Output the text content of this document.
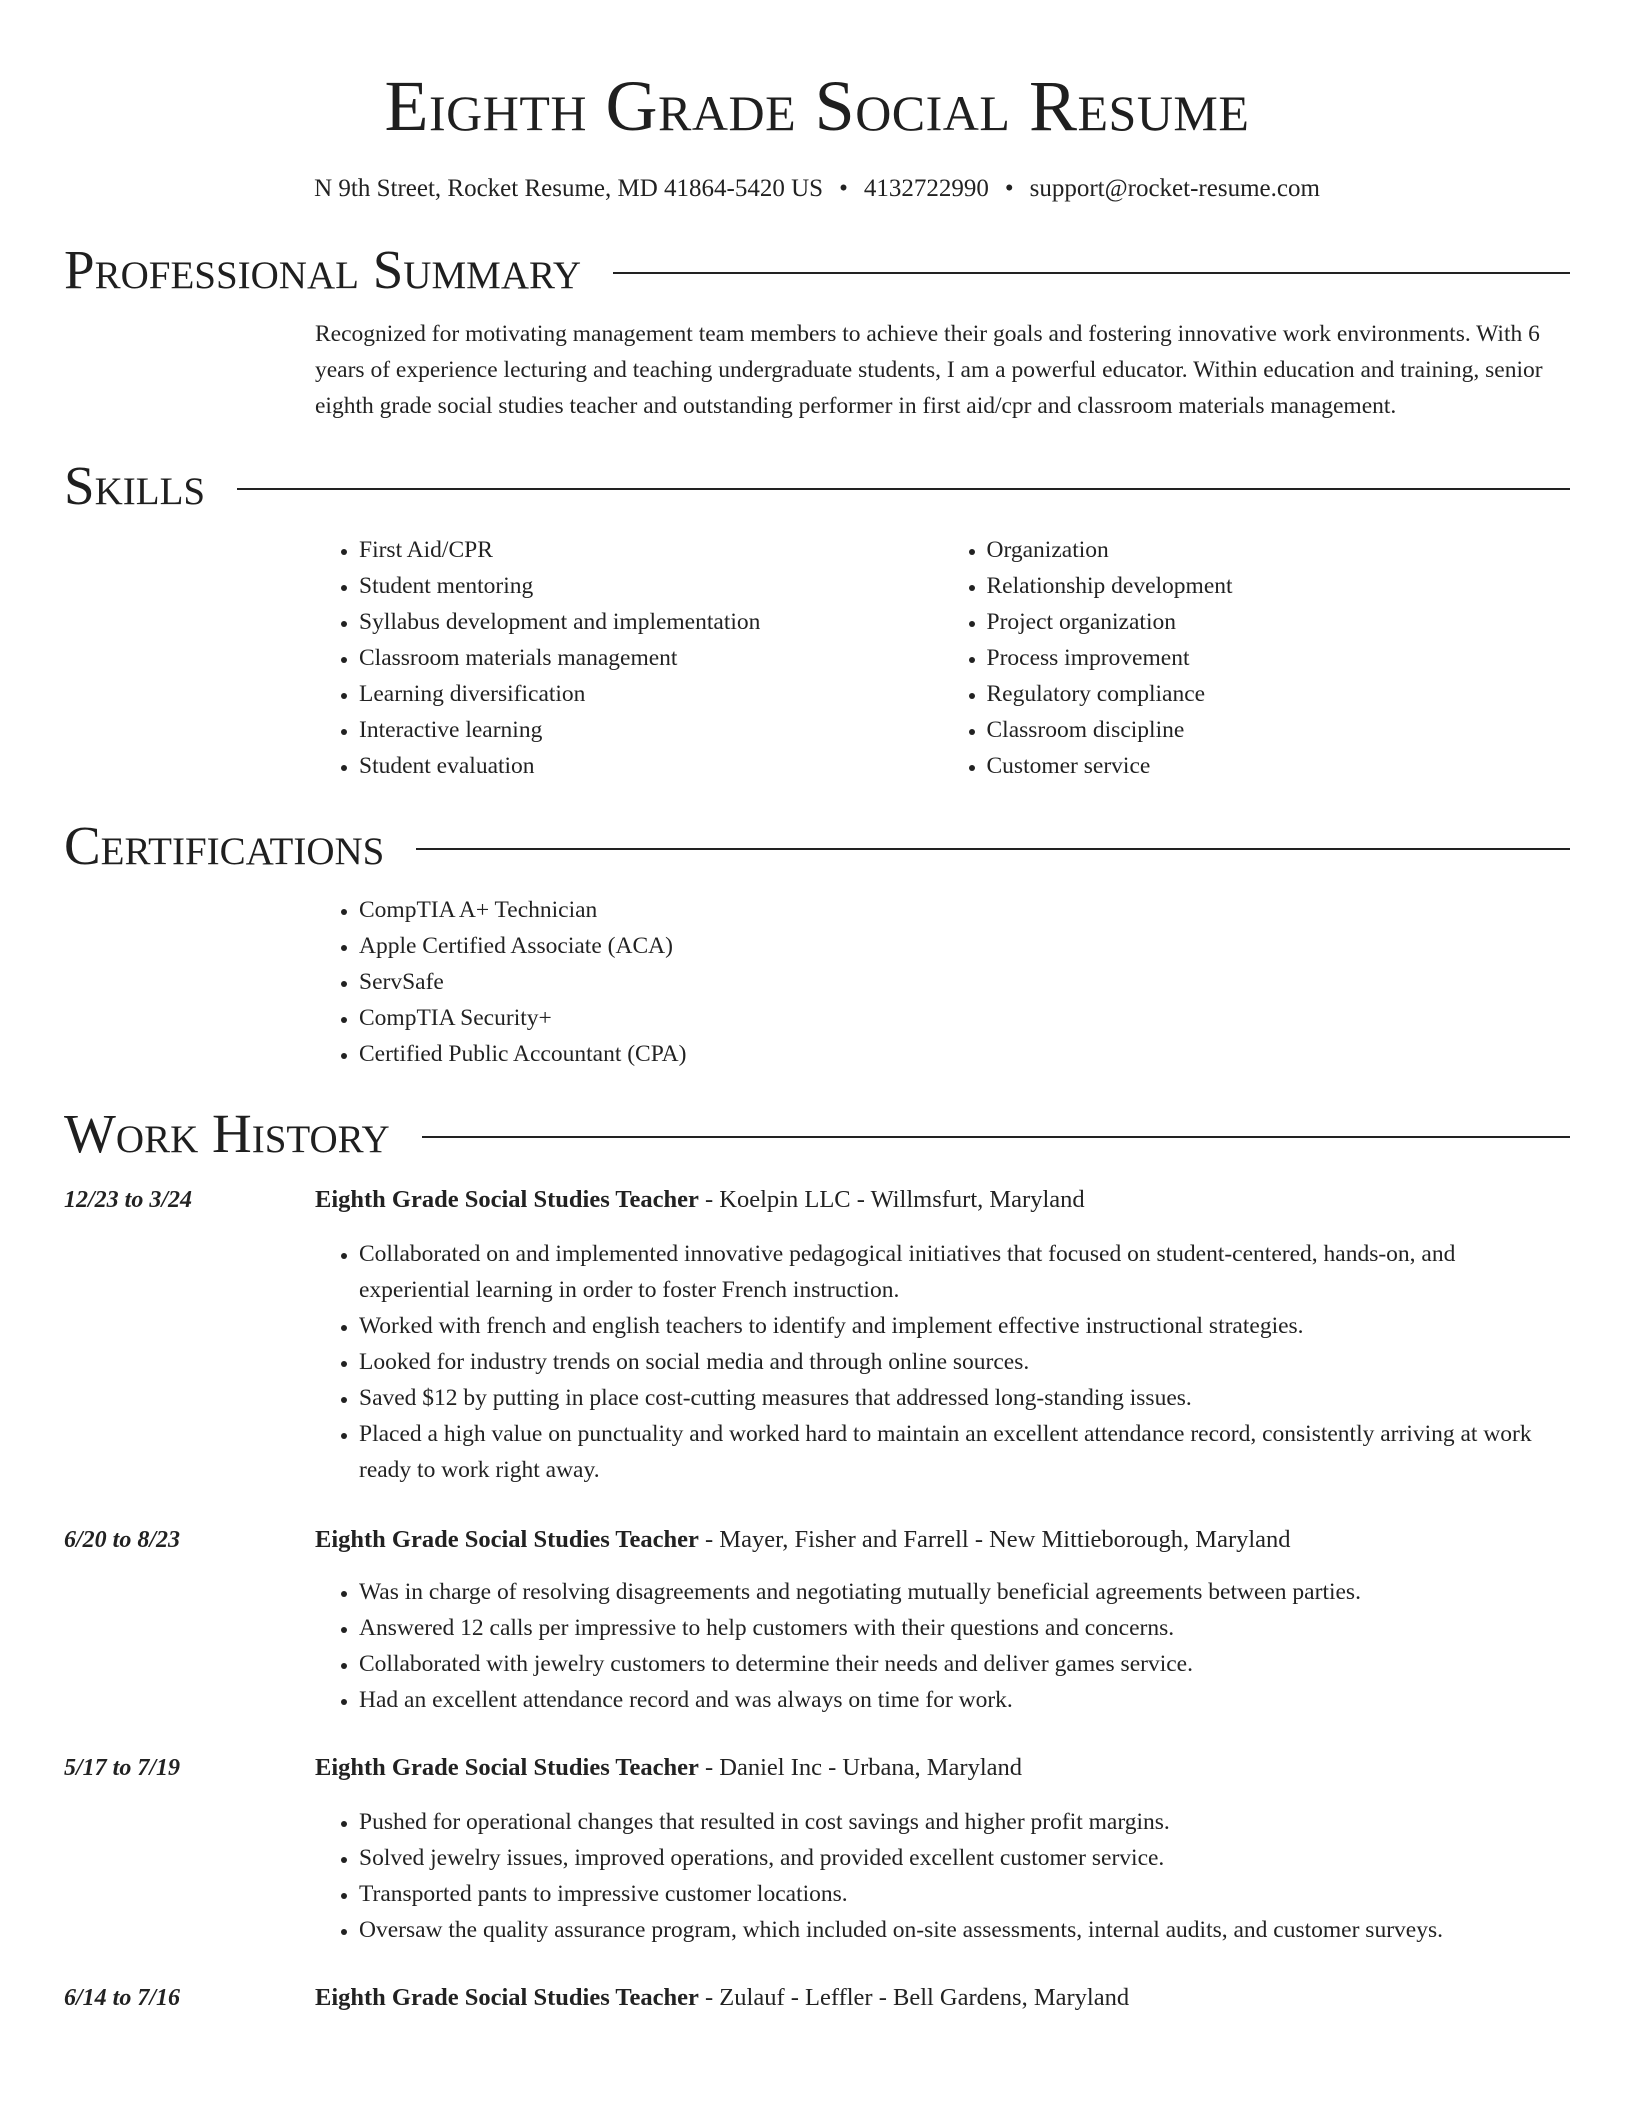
Eighth Grade Social Resume
N 9th Street, Rocket Resume, MD 41864-5420 US • 4132722990 • support@rocket-resume.com
Professional Summary

Recognized for motivating management team members to achieve their goals and fostering innovative work environments. With 6 years of experience lecturing and teaching undergraduate students, I am a powerful educator. Within education and training, senior eighth grade social studies teacher and outstanding performer in first aid/cpr and classroom materials management.

Skills
• First Aid/CPR
• Student mentoring
• Syllabus development and implementation
• Classroom materials management
• Learning diversification
• Interactive learning
• Student evaluation
• Organization
• Relationship development
• Project organization
• Process improvement
• Regulatory compliance
• Classroom discipline
• Customer service
Certifications
• CompTIA A+ Technician
• Apple Certified Associate (ACA)
• ServSafe
• CompTIA Security+
• Certified Public Accountant (CPA)
Work History
12/23 to 3/24	Eighth Grade Social Studies Teacher - Koelpin LLC - Willmsfurt, Maryland
• Collaborated on and implemented innovative pedagogical initiatives that focused on student-centered, hands-on, and experiential learning in order to foster French instruction.
• Worked with french and english teachers to identify and implement effective instructional strategies.
• Looked for industry trends on social media and through online sources.
• Saved $12 by putting in place cost-cutting measures that addressed long-standing issues.
• Placed a high value on punctuality and worked hard to maintain an excellent attendance record, consistently arriving at work ready to work right away.
6/20 to 8/23	Eighth Grade Social Studies Teacher - Mayer, Fisher and Farrell - New Mittieborough, Maryland
• Was in charge of resolving disagreements and negotiating mutually beneficial agreements between parties.
• Answered 12 calls per impressive to help customers with their questions and concerns.
• Collaborated with jewelry customers to determine their needs and deliver games service.
• Had an excellent attendance record and was always on time for work.
5/17 to 7/19	Eighth Grade Social Studies Teacher - Daniel Inc - Urbana, Maryland
• Pushed for operational changes that resulted in cost savings and higher profit margins.
• Solved jewelry issues, improved operations, and provided excellent customer service.
• Transported pants to impressive customer locations.
• Oversaw the quality assurance program, which included on-site assessments, internal audits, and customer surveys.
6/14 to 7/16	Eighth Grade Social Studies Teacher - Zulauf - Leffler - Bell Gardens, Maryland
